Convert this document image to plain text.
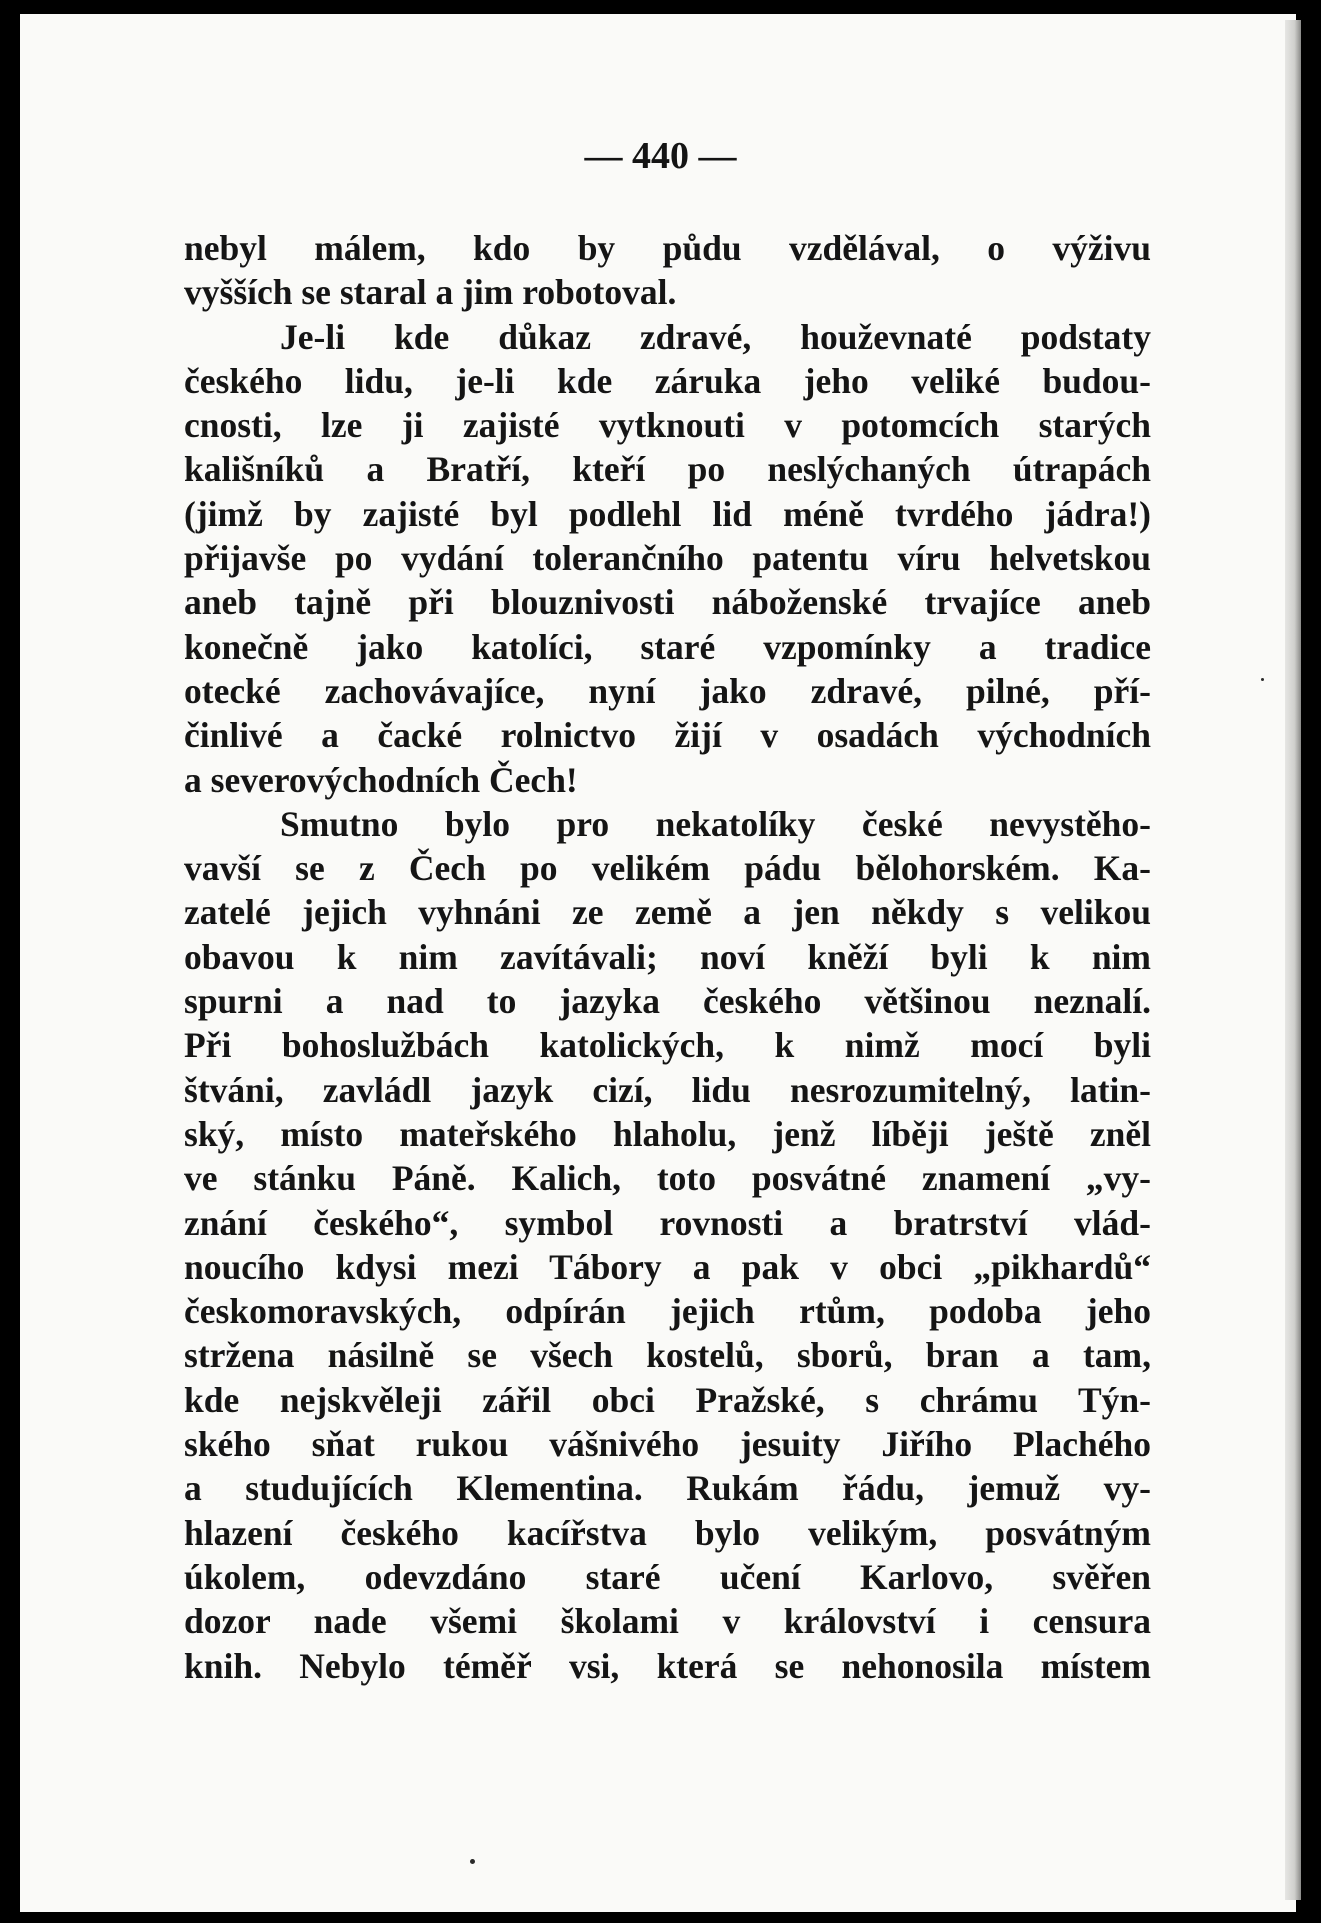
— 440 —
nebyl málem, kdo by půdu vzdělával, o výživu
vyšších se staral a jim robotoval.
Je-li kde důkaz zdravé, houževnaté podstaty
českého lidu, je-li kde záruka jeho veliké budou-
cnosti, lze ji zajisté vytknouti v potomcích starých
kališníků a Bratří, kteří po neslýchaných útrapách
(jimž by zajisté byl podlehl lid méně tvrdého jádra!)
přijavše po vydání tolerančního patentu víru helvetskou
aneb tajně při blouznivosti náboženské trvajíce aneb
konečně jako katolíci, staré vzpomínky a tradice
otecké zachovávajíce, nyní jako zdravé, pilné, pří-
činlivé a čacké rolnictvo žijí v osadách východních
a severovýchodních Čech!
Smutno bylo pro nekatolíky české nevystěho-
vavší se z Čech po velikém pádu bělohorském. Ka-
zatelé jejich vyhnáni ze země a jen někdy s velikou
obavou k nim zavítávali; noví kněží byli k nim
spurni a nad to jazyka českého většinou neznalí.
Při bohoslužbách katolických, k nimž mocí byli
štváni, zavládl jazyk cizí, lidu nesrozumitelný, latin-
ský, místo mateřského hlaholu, jenž líběji ještě zněl
ve stánku Páně. Kalich, toto posvátné znamení „vy-
znání českého“, symbol rovnosti a bratrství vlád-
noucího kdysi mezi Tábory a pak v obci „pikhardů“
českomoravských, odpírán jejich rtům, podoba jeho
stržena násilně se všech kostelů, sborů, bran a tam,
kde nejskvěleji zářil obci Pražské, s chrámu Týn-
ského sňat rukou vášnivého jesuity Jiřího Plachého
a studujících Klementina. Rukám řádu, jemuž vy-
hlazení českého kacířstva bylo velikým, posvátným
úkolem, odevzdáno staré učení Karlovo, svěřen
dozor nade všemi školami v království i censura
knih. Nebylo téměř vsi, která se nehonosila místem
